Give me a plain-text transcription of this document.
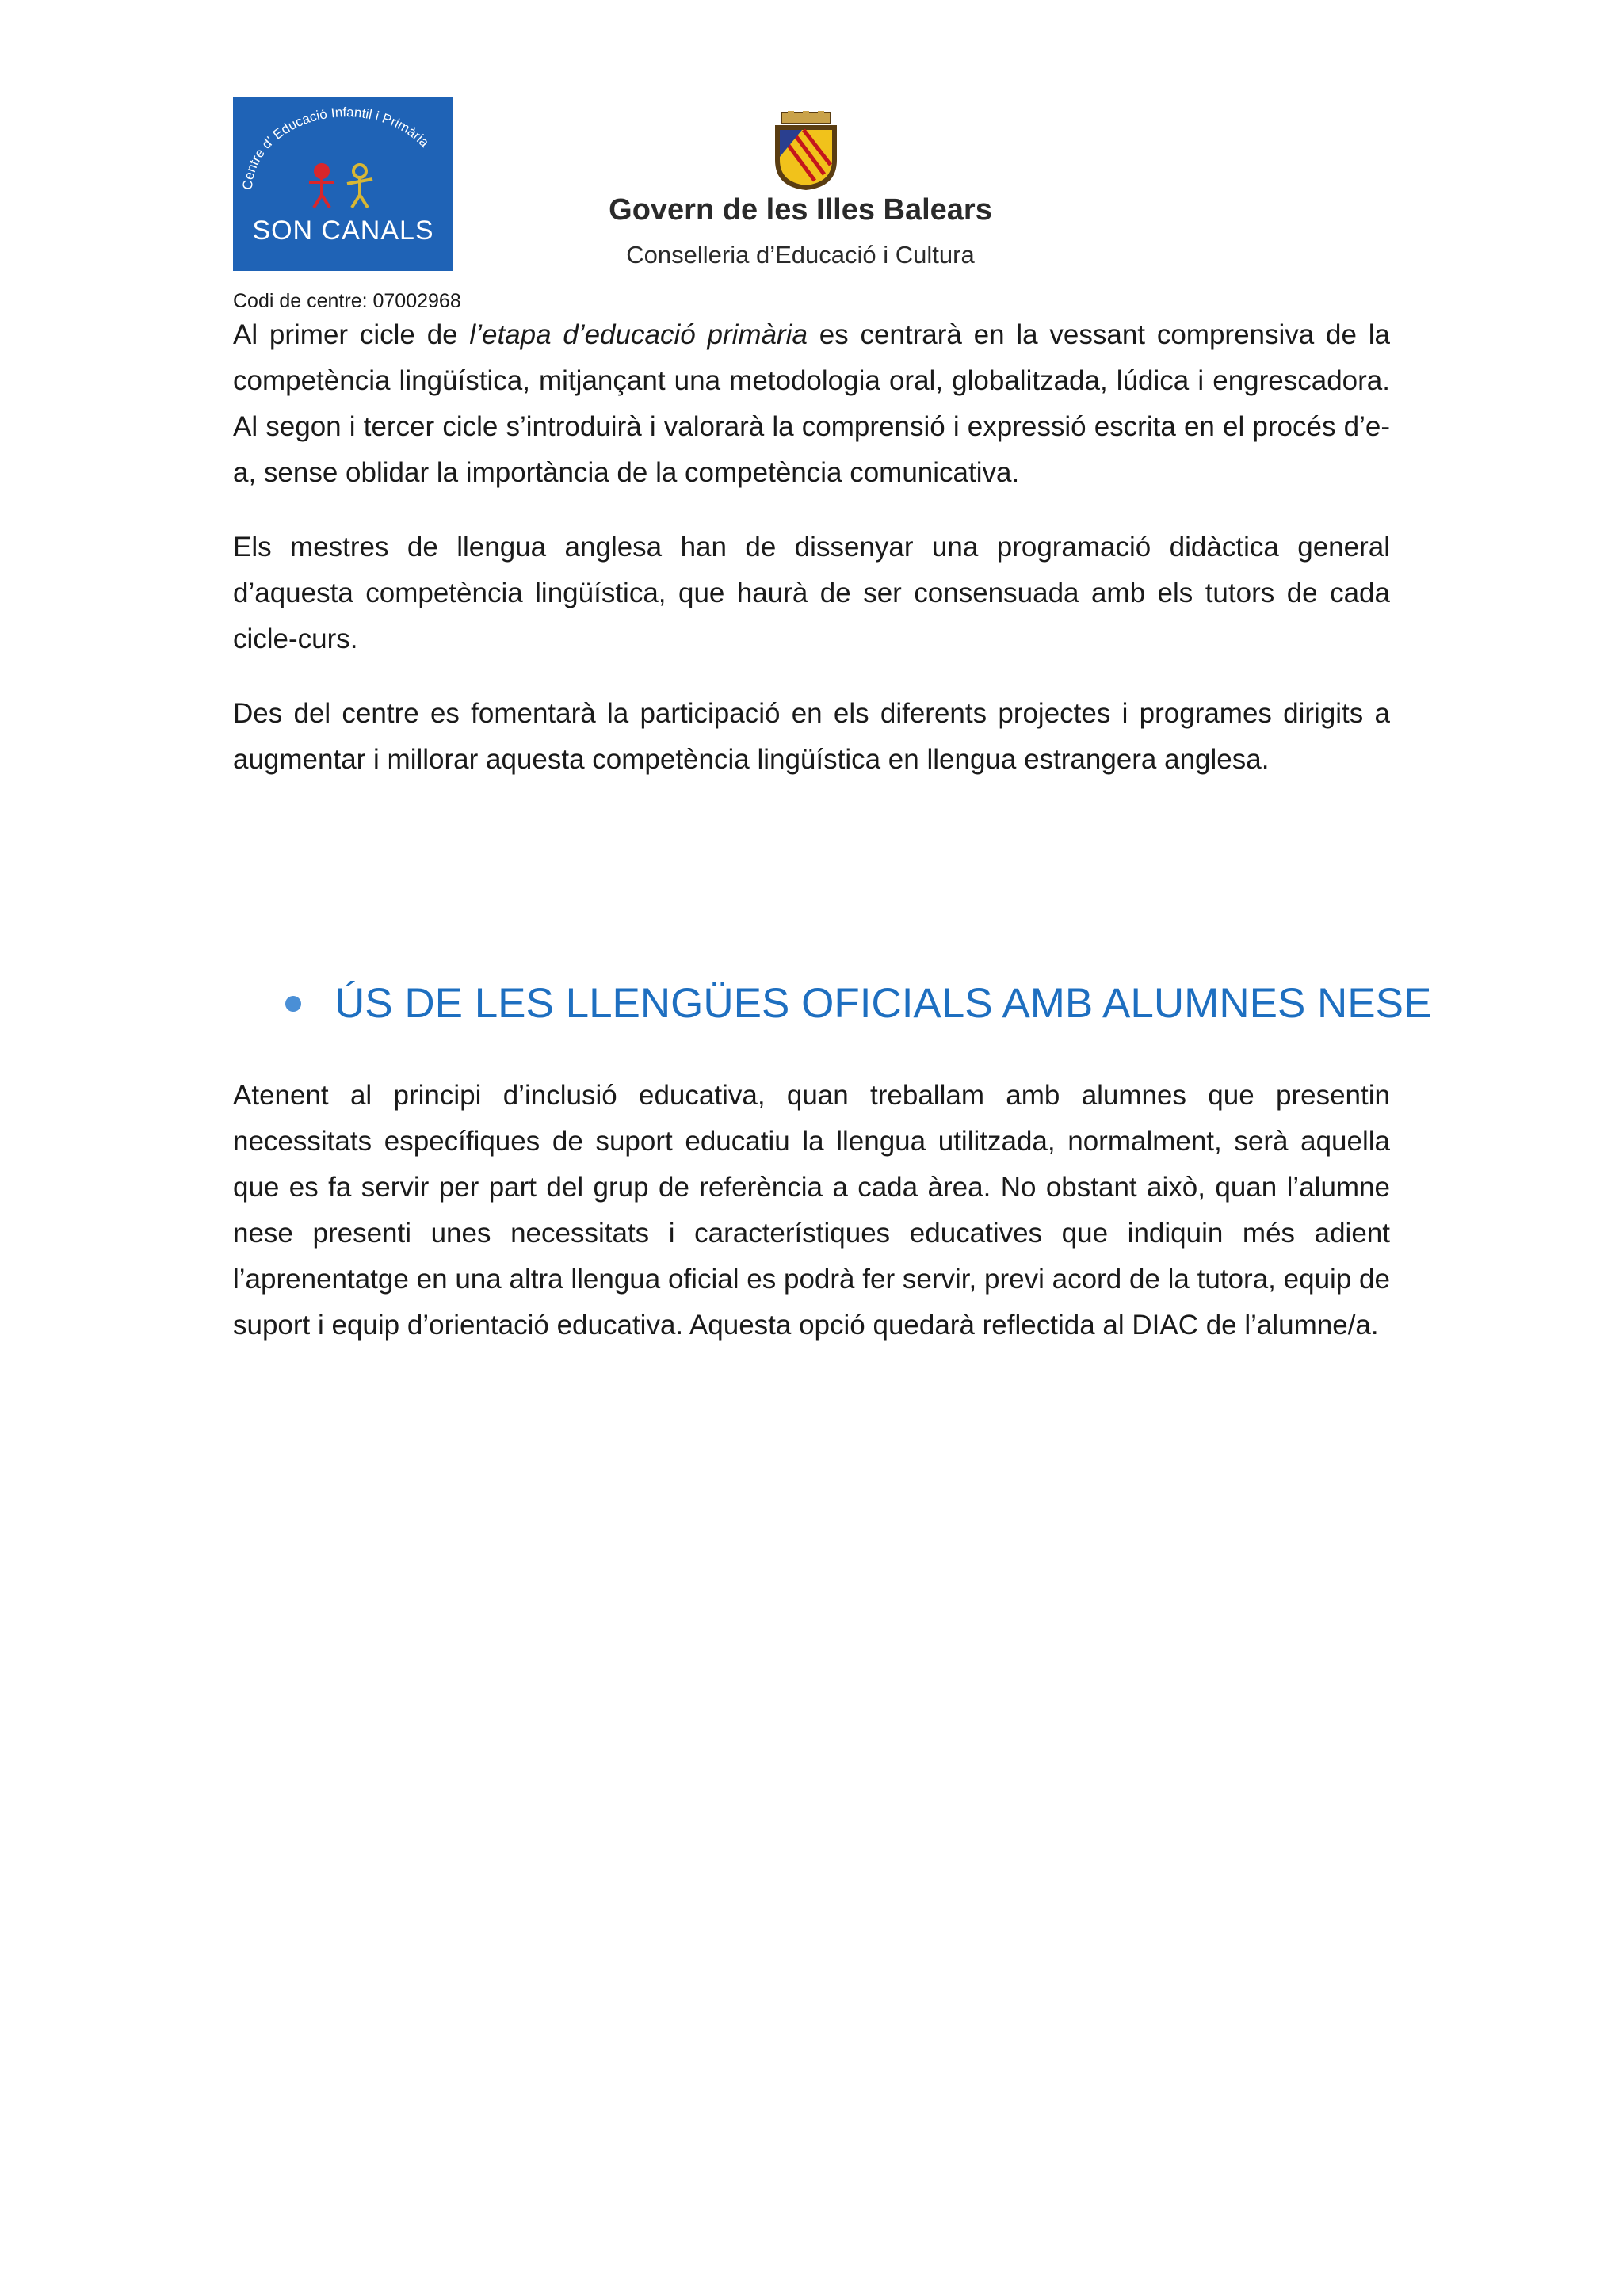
Centre d' Educació Infantil i Primària
SON CANALS
Codi de centre: 07002968
Govern de les Illes Balears
Conselleria d’Educació i Cultura

Al primer cicle de l’etapa d’educació primària es centrarà en la vessant comprensiva de la competència lingüística, mitjançant una metodologia oral, globalitzada, lúdica i engrescadora. Al segon i tercer cicle s’introduirà i valorarà la comprensió i expressió escrita en el procés d’e-a, sense oblidar la importància de la competència comunicativa.

Els mestres de llengua anglesa han de dissenyar una programació didàctica general d’aquesta competència lingüística, que haurà de ser consensuada amb els tutors de cada cicle-curs.

Des del centre es fomentarà la participació en els diferents projectes i programes dirigits a augmentar i millorar aquesta competència lingüística en llengua estrangera anglesa.

ÚS DE LES LLENGÜES OFICIALS AMB ALUMNES NESE

Atenent al principi d’inclusió educativa, quan treballam amb alumnes que presentin necessitats específiques de suport educatiu la llengua utilitzada, normalment, serà aquella que es fa servir per part del grup de referència a cada àrea. No obstant això, quan l’alumne nese presenti unes necessitats i característiques educatives que indiquin més adient l’aprenentatge en una altra llengua oficial es podrà fer servir, previ acord de la tutora, equip de suport i equip d’orientació educativa. Aquesta opció quedarà reflectida al DIAC de l’alumne/a.
